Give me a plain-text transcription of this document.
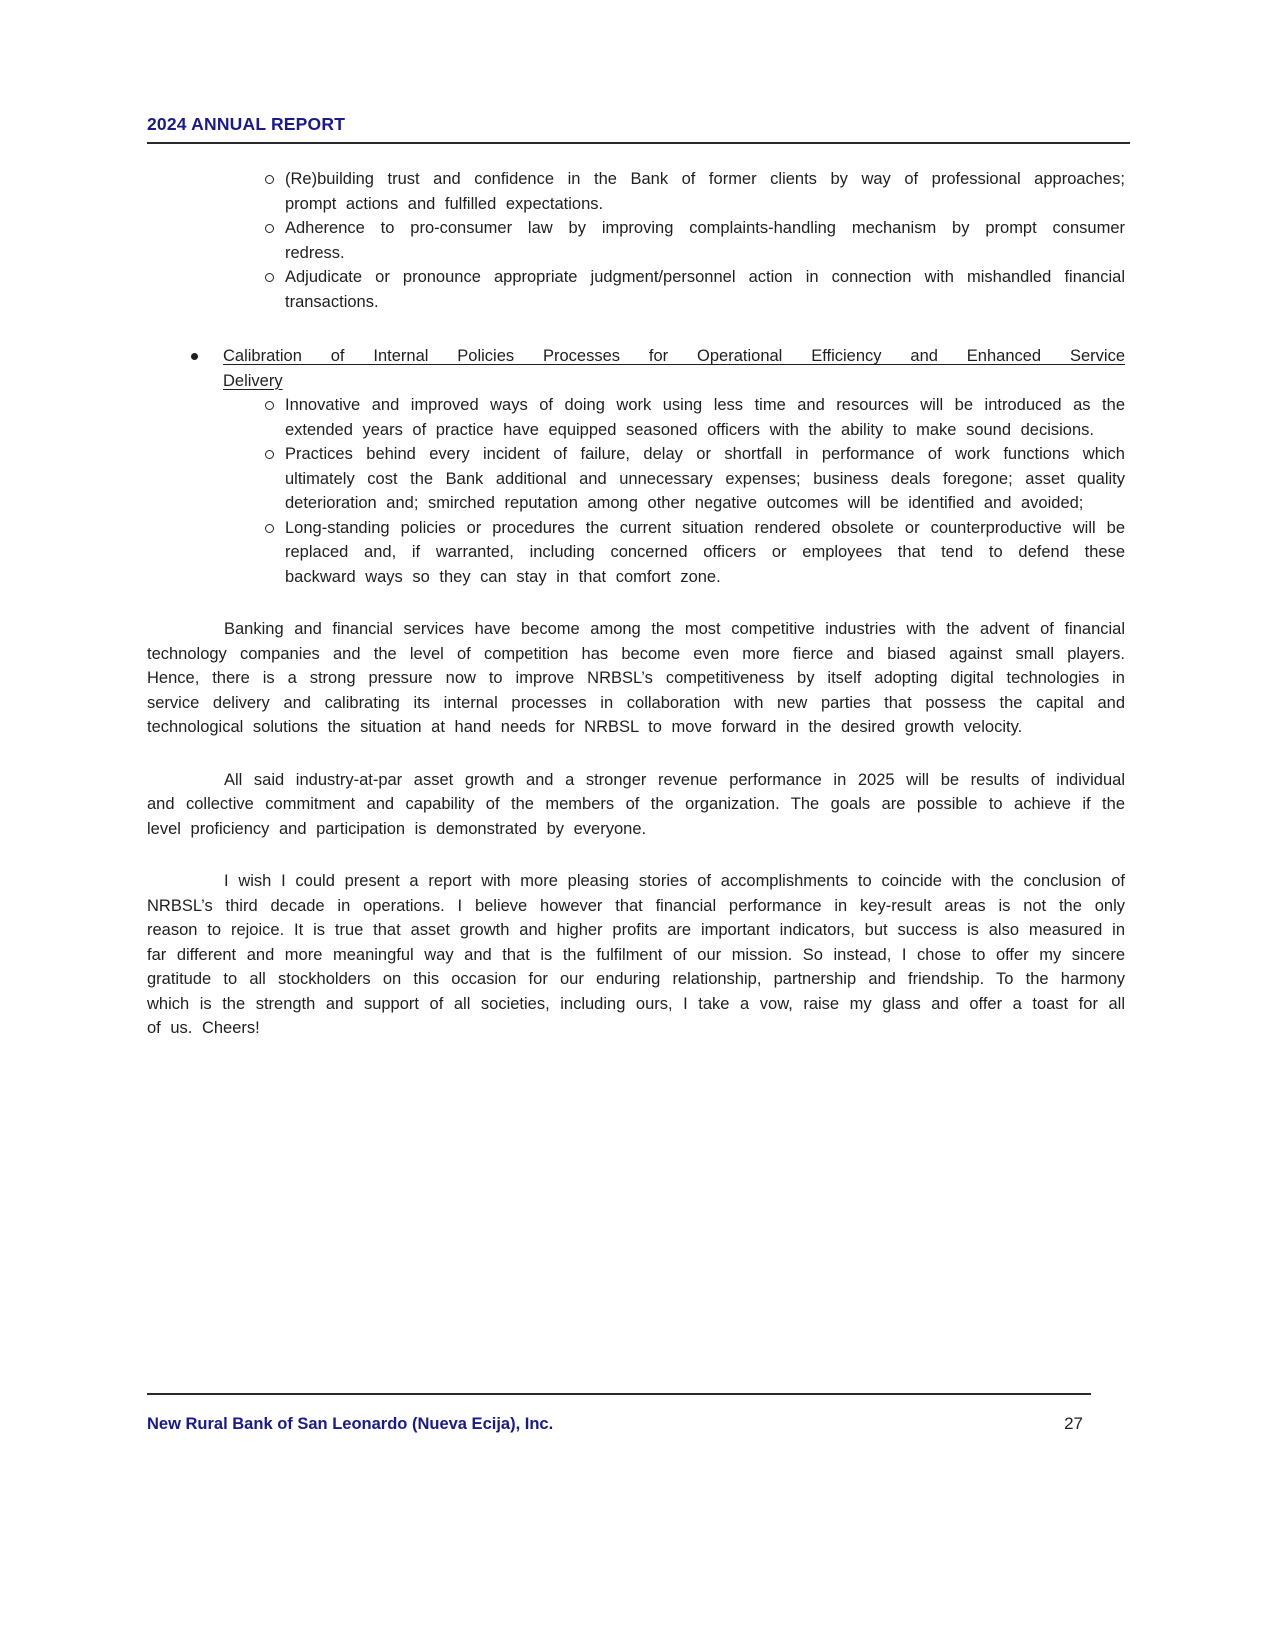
2024 ANNUAL REPORT
(Re)building trust and confidence in the Bank of former clients by way of professional approaches; prompt actions and fulfilled expectations.
Adherence to pro-consumer law by improving complaints-handling mechanism by prompt consumer redress.
Adjudicate or pronounce appropriate judgment/personnel action in connection with mishandled financial transactions.
Calibration of Internal Policies Processes for Operational Efficiency and Enhanced Service
Delivery
Innovative and improved ways of doing work using less time and resources will be introduced as the extended years of practice have equipped seasoned officers with the ability to make sound decisions.
Practices behind every incident of failure, delay or shortfall in performance of work functions which ultimately cost the Bank additional and unnecessary expenses; business deals foregone; asset quality deterioration and; smirched reputation among other negative outcomes will be identified and avoided;
Long-standing policies or procedures the current situation rendered obsolete or counterproductive will be replaced and, if warranted, including concerned officers or employees that tend to defend these backward ways so they can stay in that comfort zone.

Banking and financial services have become among the most competitive industries with the advent of financial technology companies and the level of competition has become even more fierce and biased against small players. Hence, there is a strong pressure now to improve NRBSL’s competitiveness by itself adopting digital technologies in service delivery and calibrating its internal processes in collaboration with new parties that possess the capital and technological solutions the situation at hand needs for NRBSL to move forward in the desired growth velocity.

All said industry-at-par asset growth and a stronger revenue performance in 2025 will be results of individual and collective commitment and capability of the members of the organization. The goals are possible to achieve if the level proficiency and participation is demonstrated by everyone.

I wish I could present a report with more pleasing stories of accomplishments to coincide with the conclusion of NRBSL’s third decade in operations. I believe however that financial performance in key-result areas is not the only reason to rejoice. It is true that asset growth and higher profits are important indicators, but success is also measured in far different and more meaningful way and that is the fulfilment of our mission. So instead, I chose to offer my sincere gratitude to all stockholders on this occasion for our enduring relationship, partnership and friendship. To the harmony which is the strength and support of all societies, including ours, I take a vow, raise my glass and offer a toast for all of us. Cheers!

New Rural Bank of San Leonardo (Nueva Ecija), Inc.	27
